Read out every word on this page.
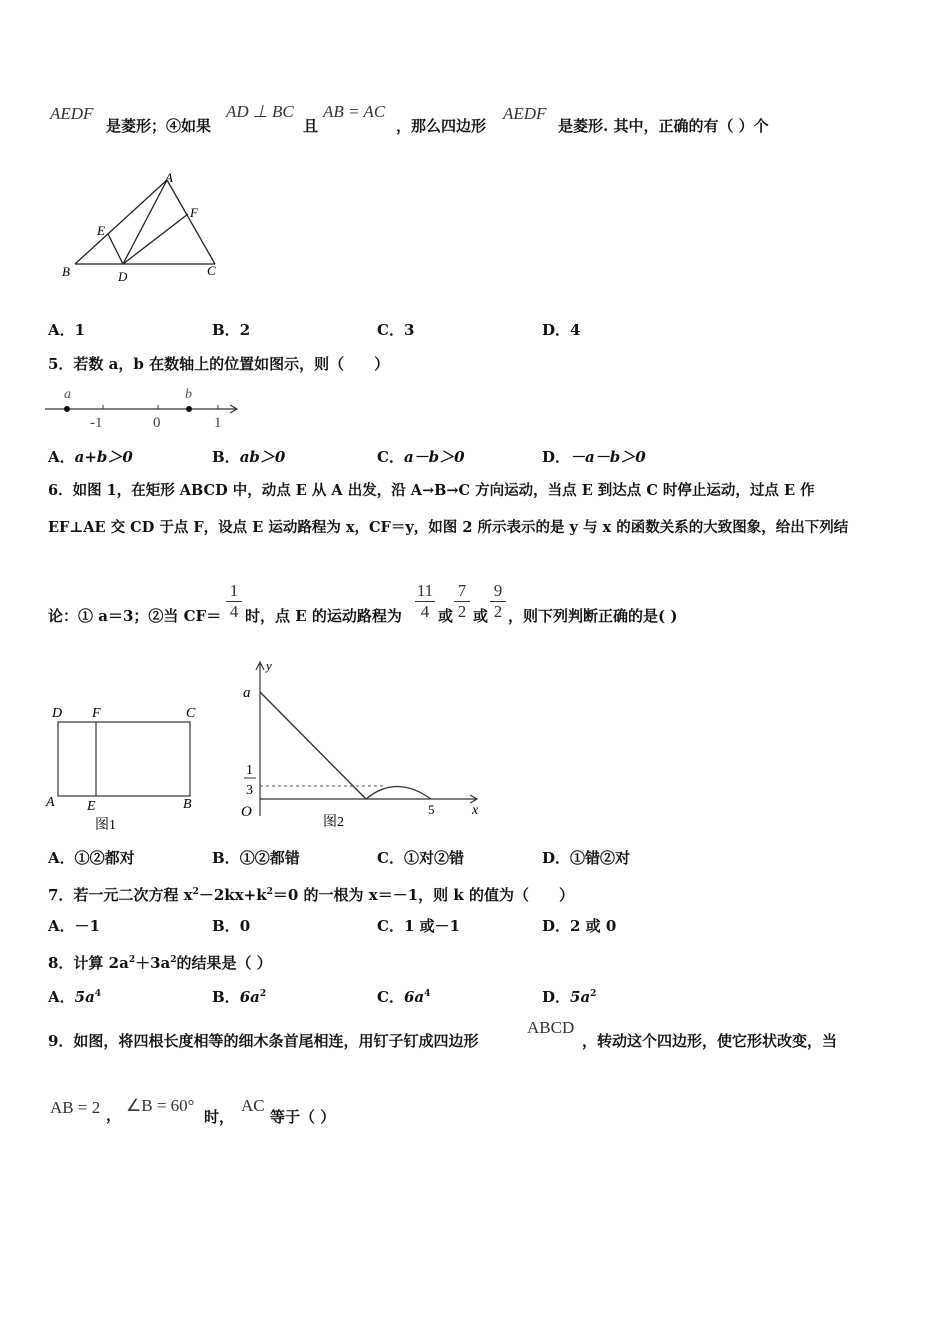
AEDF
是菱形；④如果
AD ⊥ BC
且
AB = AC
，那么四边形
AEDF
是菱形. 其中，正确的有（ ）个
A
B	C
D
E
F
A．1	B．2	C．3	D．4
5．若数 a，b 在数轴上的位置如图示，则（　　）
a	b
-1	0	1
A．a+b＞0	B．ab＞0	C．a－b＞0	D．－a－b＞0
6．如图 1，在矩形 ABCD 中，动点 E 从 A 出发，沿 A→B→C 方向运动，当点 E 到达点 C 时停止运动，过点 E 作
EF⊥AE 交 CD 于点 F，设点 E 运动路程为 x，CF＝y，如图 2 所示表示的是 y 与 x 的函数关系的大致图象，给出下列结
论：① a＝3；②当 CF＝
1
4 时，点 E 的运动路程为
11
4 或
7
2 或
9
2 ，则下列判断正确的是( )
D F	C
A E	B
图1
y
a
1
3
O	5	x
图2
A．①②都对	B．①②都错	C．①对②错	D．①错②对
7．若一元二次方程 $x^2-2kx+k^2=0$ 的一根为 x＝－1，则 k 的值为（　　）
A．－1	B．0	C．1 或－1	D．2 或 0
8．计算 $2a^2+3a^2$的结果是（ ）
A．$5a^4$	B．$6a^2$	C．$6a^4$	D．$5a^2$
9．如图，将四根长度相等的细木条首尾相连，用钉子钉成四边形
ABCD
，转动这个四边形，使它形状改变，当
AB = 2 ， ∠B = 60°
时，
AC
等于（ ）
